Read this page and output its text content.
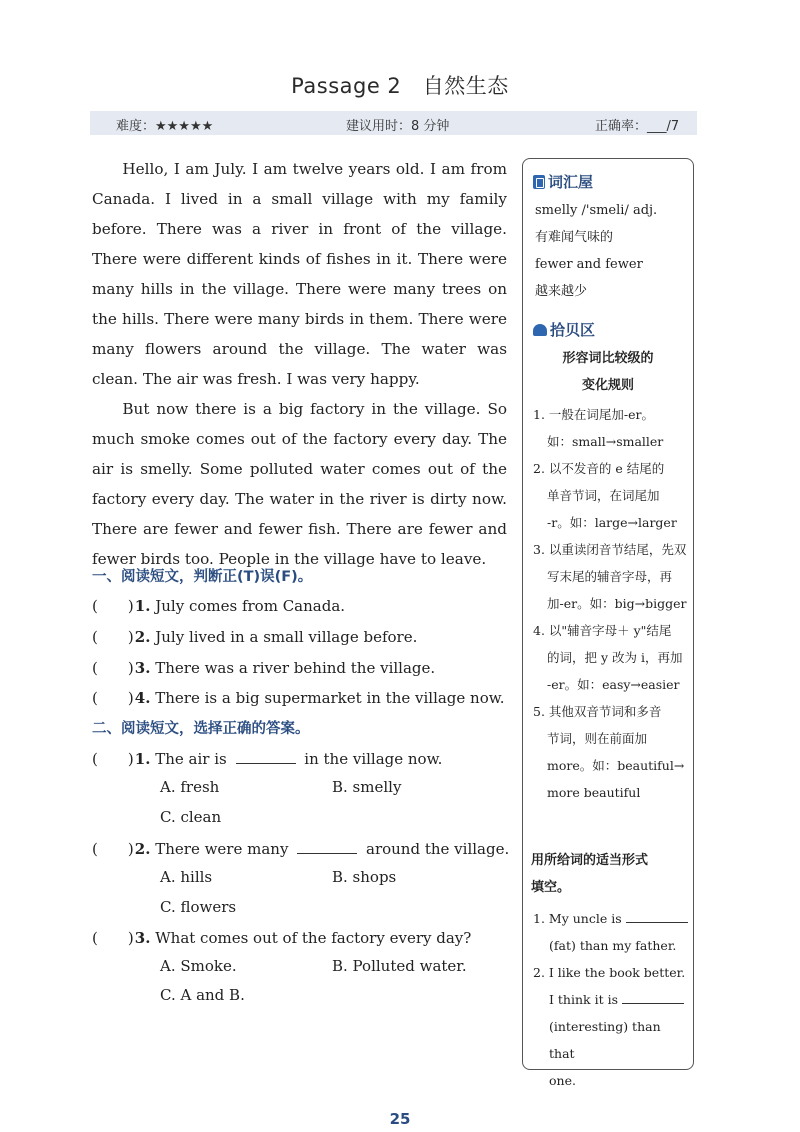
Passage 2　自然生态
难度：★★★★★	建议用时：8 分钟	正确率：___/7

Hello, I am July. I am twelve years old. I am from Canada. I lived in a small village with my family before. There was a river in front of the village. There were different kinds of fishes in it. There were many hills in the village. There were many trees on the hills. There were many birds in them. There were many flowers around the village. The water was clean. The air was fresh. I was very happy.

But now there is a big factory in the village. So much smoke comes out of the factory every day. The air is smelly. Some polluted water comes out of the factory every day. The water in the river is dirty now. There are fewer and fewer fish. There are fewer and fewer birds too. People in the village have to leave.

一、阅读短文，判断正(T)误(F)。
(　　) 1. July comes from Canada.
(　　) 2. July lived in a small village before.
(　　) 3. There was a river behind the village.
(　　) 4. There is a big supermarket in the village now.
二、阅读短文，选择正确的答案。
(　　) 1. The air is	in the village now.
A. fresh	B. smelly
C. clean
(　　) 2. There were many	around the village.
A. hills	B. shops
C. flowers
(　　) 3. What comes out of the factory every day?
A. Smoke.	B. Polluted water.
C. A and B.
词汇屋
smelly /'smeli/ adj.
有难闻气味的
fewer and fewer
越来越少
拾贝区
形容词比较级的
变化规则
1. 一般在词尾加-er。
如：small→smaller
2. 以不发音的 e 结尾的
单音节词，在词尾加
-r。如：large→larger
3. 以重读闭音节结尾，先双
写末尾的辅音字母，再
加-er。如：big→bigger
4. 以"辅音字母＋ y"结尾
的词，把 y 改为 i，再加
-er。如：easy→easier
5. 其他双音节词和多音
节词，则在前面加
more。如：beautiful→
more beautiful
用所给词的适当形式
填空。
1. My uncle is
(fat) than my father.
2. I like the book better.
I think it is
(interesting) than that
one.
25
